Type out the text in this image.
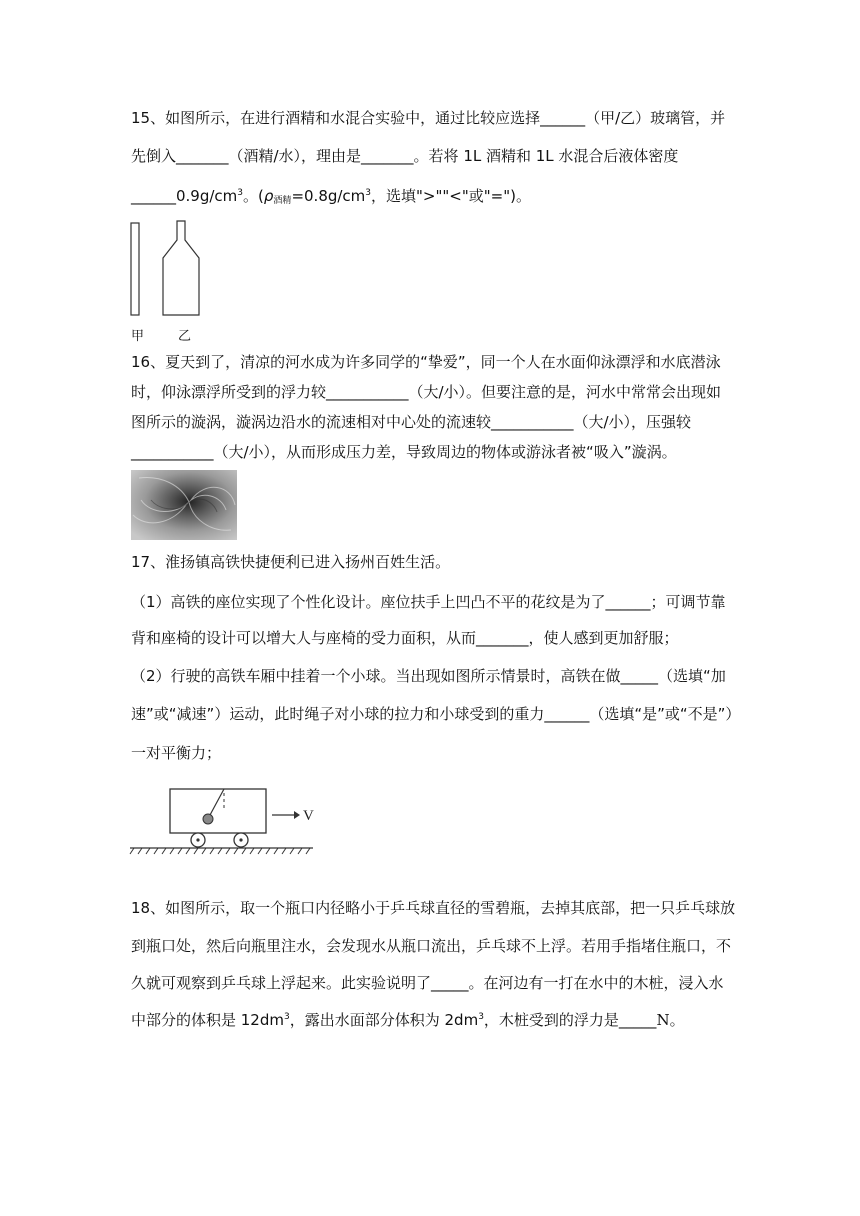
15、如图所示，在进行酒精和水混合实验中，通过比较应选择______（甲/乙）玻璃管，并
先倒入_______（酒精/水），理由是_______。若将 1L 酒精和 1L 水混合后液体密度
$\_\_\_\_\_\_0.9g/cm^3$。($\rho_{酒精}=0.8g/cm^3$，选填">""<"或"=")。
甲	乙
16、夏天到了，清凉的河水成为许多同学的“挚爱”，同一个人在水面仰泳漂浮和水底潜泳
时，仰泳漂浮所受到的浮力较___________（大/小）。但要注意的是，河水中常常会出现如
图所示的漩涡，漩涡边沿水的流速相对中心处的流速较___________（大/小），压强较
___________（大/小），从而形成压力差，导致周边的物体或游泳者被“吸入”漩涡。
17、淮扬镇高铁快捷便利已进入扬州百姓生活。
（1）高铁的座位实现了个性化设计。座位扶手上凹凸不平的花纹是为了______；可调节靠
背和座椅的设计可以增大人与座椅的受力面积，从而_______，使人感到更加舒服；
（2）行驶的高铁车厢中挂着一个小球。当出现如图所示情景时，高铁在做_____（选填“加
速”或“减速”）运动，此时绳子对小球的拉力和小球受到的重力______（选填“是”或“不是”）
一对平衡力；
V
18、如图所示，取一个瓶口内径略小于乒乓球直径的雪碧瓶，去掉其底部，把一只乒乓球放
到瓶口处，然后向瓶里注水，会发现水从瓶口流出，乒乓球不上浮。若用手指堵住瓶口，不
久就可观察到乒乓球上浮起来。此实验说明了_____。在河边有一打在水中的木桩，浸入水
中部分的体积是 $12dm^3$，露出水面部分体积为 $2dm^3$，木桩受到的浮力是_____N。
